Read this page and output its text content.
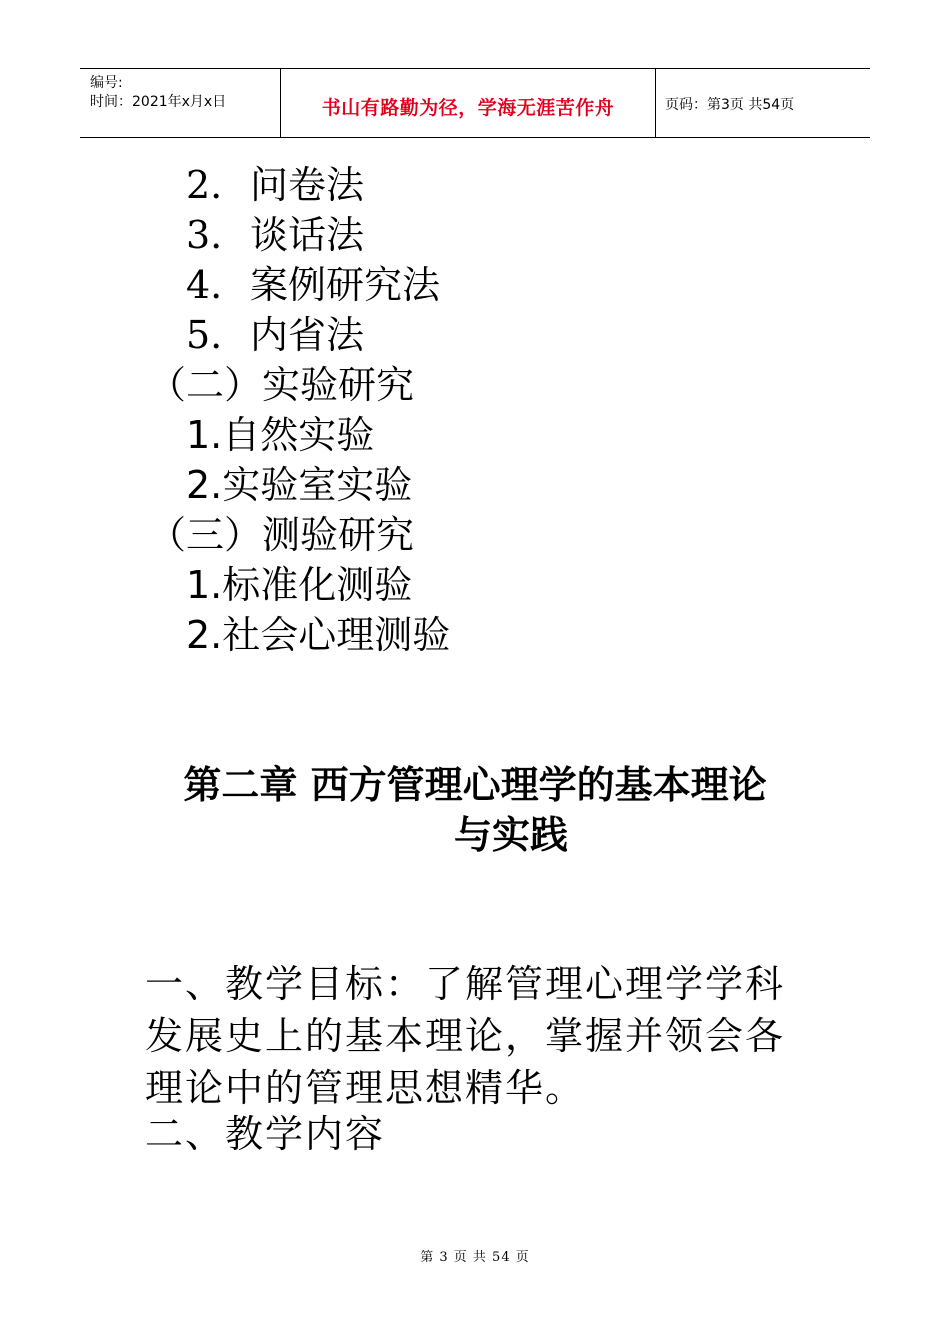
编号:
时间：2021年x月x日	书山有路勤为径，学海无涯苦作舟	页码：第3页 共54页
2. 问卷法
3. 谈话法
4. 案例研究法
5. 内省法
（二）实验研究
1.自然实验
2.实验室实验
（三）测验研究
1.标准化测验
2.社会心理测验
第二章 西方管理心理学的基本理论
与实践
一、教学目标：了解管理心理学学科发展史上的基本理论，掌握并领会各理论中的管理思想精华。
二、教学内容
第 3 页 共 54 页
